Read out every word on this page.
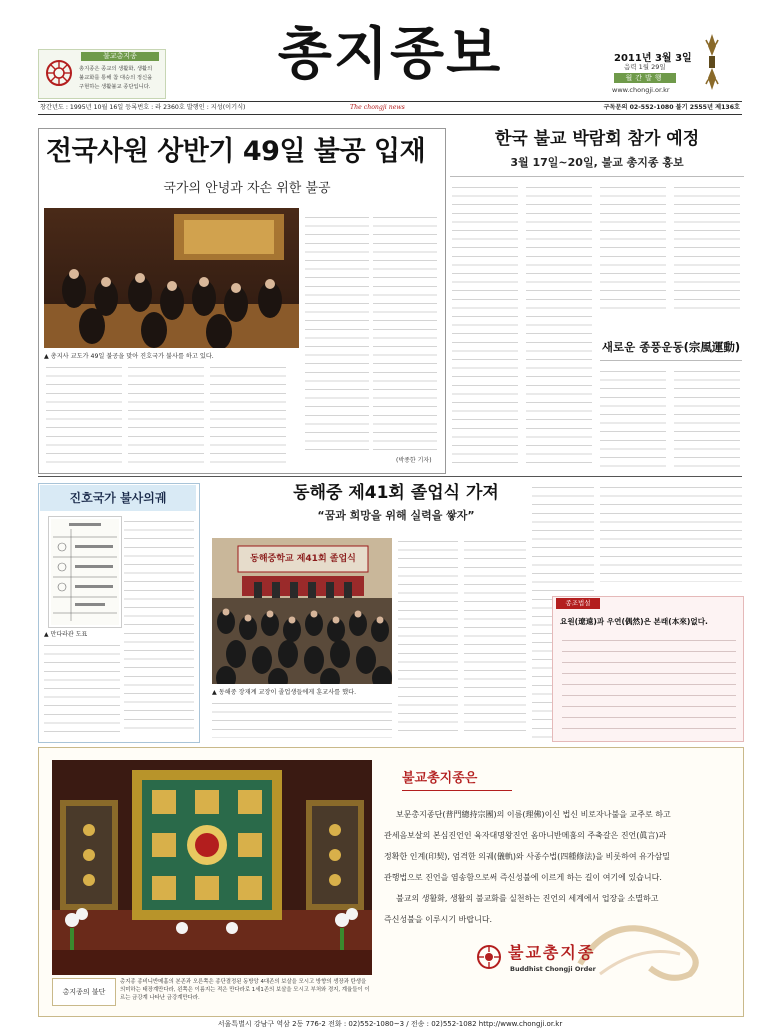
불교총지종
총지종은 종교의 생활화, 생활의
불교화를 통해 참 대승의 정신을
구현하는 생활불교 종단입니다.	총지종보	2011년 3월 3일
음력 1월 29일
월간발행
www.chongji.or.kr
창간년도 : 1995년 10월 16일 등록번호 : 라 2360호 발행인 : 지성(이기식)	The chongji news	구독문의 02-552-1080 불기 2555년 제136호
전국사원 상반기 49일 불공 입재
국가의 안녕과 자손 위한 불공
▲ 총지사 교도가 49일 불공을 맞아 진호국가 불사를 하고 있다.
(박종한 기자)
한국 불교 박람회 참가 예정
3월 17일~20일, 불교 총지종 홍보
새로운 종풍운동(宗風運動)
진호국가 불사의궤
▲ 만다라관 도표
동해중 제41회 졸업식 가져
“꿈과 희망을 위해 실력을 쌓자”
동해중학교 제41회 졸업식
▲ 동해중 장재계 교장이 졸업생들에게 훈교사를 했다.
종조법설
요원(遼遠)과 우연(偶然)은 본래(本來)없다.
총지종의 불단
총지종 종비니반메훔의 본존과 오른쪽은 종단결정된 동방앙 4대존의 보살을 모시고 방향의 생장과 탄생을 의미하는 태장계만다라, 왼쪽은 이름지는 적은 만다라로 1세1존의 보살을 모시고 부처와 경지, 계율들이 이르는 금강계 나타난 금강계만다라.
불교총지종은
보문총지종단(普門總持宗團)의 이름(理佛)이신 법신 비로자나불을 교주로 하고
관세음보살의 본심진언인 육자대명왕진언 옴마니반메훔의 주축갈은 진언(眞言)과
정확한 인계(印契), 엄격한 의궤(儀軌)와 사종수법(四種修法)을 비롯하여 유가삼밀
관행법으로 진언을 염송함으로써 즉신성불에 이르게 하는 길이 여기에 있습니다.
불교의 생활화, 생활의 불교화를 실천하는 진언의 세계에서 업장을 소멸하고
즉신성불을 이루시기 바랍니다.
불교총지종
Buddhist Chongji Order
서울특별시 강남구 역삼 2동 776-2 전화 : 02)552-1080~3 / 전송 : 02)552-1082 http://www.chongji.or.kr
